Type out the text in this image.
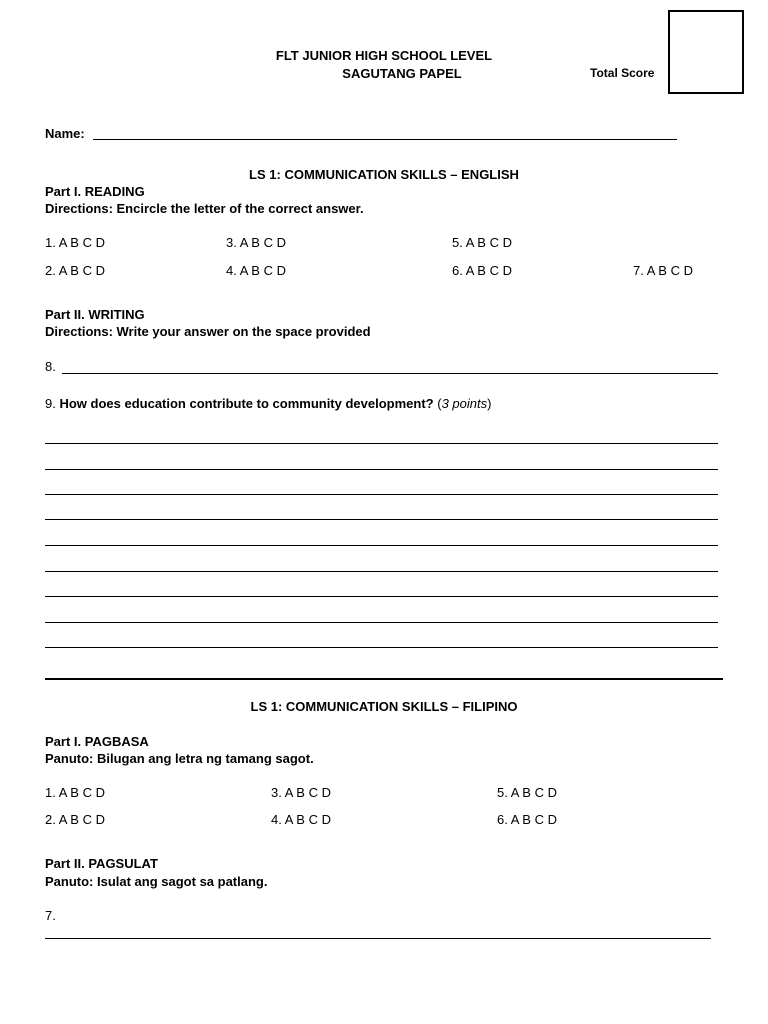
FLT JUNIOR HIGH SCHOOL LEVEL
SAGUTANG PAPEL	Total Score
Name:
LS 1: COMMUNICATION SKILLS – ENGLISH
Part I. READING
Directions: Encircle the letter of the correct answer.
1. A B C D
2. A B C D
3. A B C D
4. A B C D
5. A B C D
6. A B C D	7. A B C D
Part II. WRITING
Directions: Write your answer on the space provided
8.
9. How does education contribute to community development? (3 points)
LS 1: COMMUNICATION SKILLS – FILIPINO
Part I. PAGBASA
Panuto: Bilugan ang letra ng tamang sagot.
1. A B C D
2. A B C D
3. A B C D
4. A B C D
5. A B C D
6. A B C D
Part II. PAGSULAT
Panuto: Isulat ang sagot sa patlang.
7.
